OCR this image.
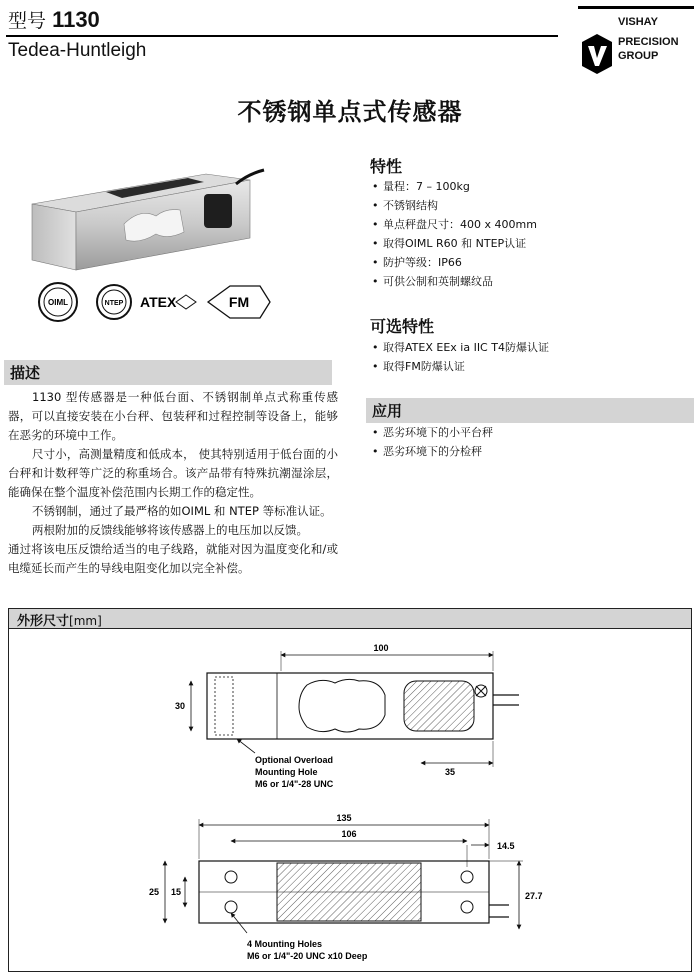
型号 1130
Tedea-Huntleigh
VISHAY
PRECISION
GROUP
不锈钢单点式传感器
OIML	NTEP ATEX	FM
特性
• 量程：7 – 100kg
• 不锈钢结构
• 单点秤盘尺寸：400 x 400mm
• 取得OIML R60 和 NTEP认证
• 防护等级：IP66
• 可供公制和英制螺纹品
可选特性
• 取得ATEX EEx ia IIC T4防爆认证
• 取得FM防爆认证
描述

1130 型传感器是一种低台面、不锈钢制单点式称重传感器，可以直接安装在小台秤、包装秤和过程控制等设备上，能够在恶劣的环境中工作。

尺寸小，高测量精度和低成本， 使其特别适用于低台面的小台秤和计数秤等广泛的称重场合。该产品带有特殊抗潮湿涂层，能确保在整个温度补偿范围内长期工作的稳定性。

不锈钢制，通过了最严格的如OIML 和 NTEP 等标准认证。

两根附加的反馈线能够将该传感器上的电压加以反馈。

通过将该电压反馈给适当的电子线路，就能对因为温度变化和/或电缆延长而产生的导线电阻变化加以完全补偿。

应用
• 恶劣环境下的小平台秤
• 恶劣环境下的分检秤
外形尺寸[mm]
100
30
35
Optional Overload
Mounting Hole
M6 or 1/4"-28 UNC
135
106
14.5
25 15	27.7
4 Mounting Holes
M6 or 1/4"-20 UNC x10 Deep
